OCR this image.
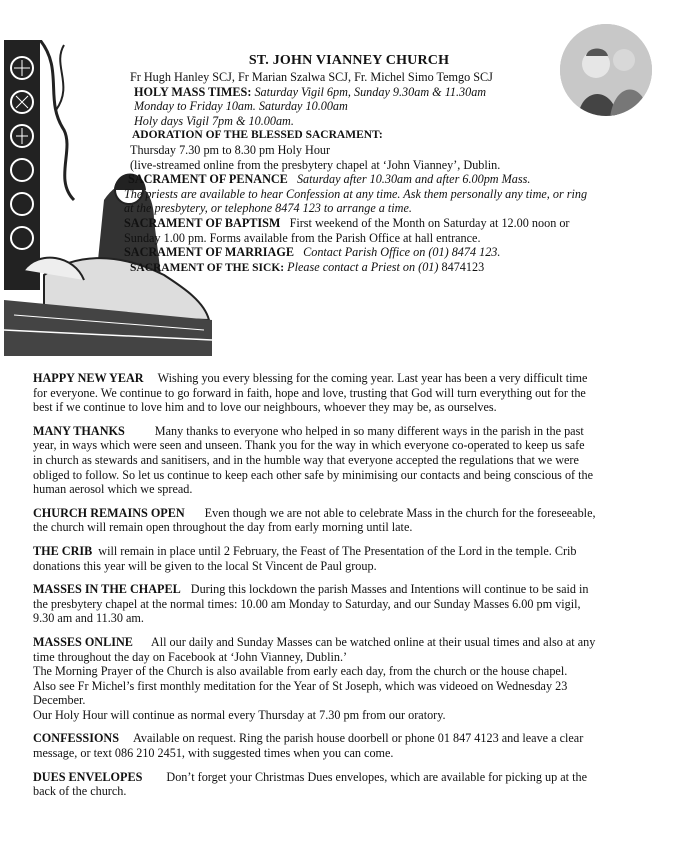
ST. JOHN VIANNEY CHURCH
Fr Hugh Hanley SCJ, Fr Marian Szalwa SCJ, Fr. Michel Simo Temgo SCJ
HOLY MASS TIMES: Saturday Vigil 6pm, Sunday 9.30am & 11.30am
Monday to Friday 10am. Saturday 10.00am
Holy days Vigil 7pm & 10.00am.
ADORATION OF THE BLESSED SACRAMENT:
Thursday 7.30 pm to 8.30 pm Holy Hour
(live-streamed online from the presbytery chapel at ‘John Vianney’, Dublin.
SACRAMENT OF PENANCE Saturday after 10.30am and after 6.00pm Mass.
The priests are available to hear Confession at any time. Ask them personally any time, or ring
at the presbytery, or telephone 8474 123 to arrange a time.
SACRAMENT OF BAPTISM First weekend of the Month on Saturday at 12.00 noon or
Sunday 1.00 pm. Forms available from the Parish Office at hall entrance.
SACRAMENT OF MARRIAGE Contact Parish Office on (01) 8474 123.
SACRAMENT OF THE SICK: Please contact a Priest on (01) 8474123
HAPPY NEW YEAR Wishing you every blessing for the coming year. Last year has been a very difficult time
for everyone. We continue to go forward in faith, hope and love, trusting that God will turn everything out for the
best if we continue to love him and to love our neighbours, whoever they may be, as ourselves.
MANY THANKS Many thanks to everyone who helped in so many different ways in the parish in the past
year, in ways which were seen and unseen. Thank you for the way in which everyone co-operated to keep us safe
in church as stewards and sanitisers, and in the humble way that everyone accepted the regulations that we were
obliged to follow. So let us continue to keep each other safe by minimising our contacts and being conscious of the
human aerosol which we spread.
CHURCH REMAINS OPEN Even though we are not able to celebrate Mass in the church for the foreseeable,
the church will remain open throughout the day from early morning until late.
THE CRIB will remain in place until 2 February, the Feast of The Presentation of the Lord in the temple. Crib
donations this year will be given to the local St Vincent de Paul group.
MASSES IN THE CHAPEL During this lockdown the parish Masses and Intentions will continue to be said in
the presbytery chapel at the normal times: 10.00 am Monday to Saturday, and our Sunday Masses 6.00 pm vigil,
9.30 am and 11.30 am.
MASSES ONLINE All our daily and Sunday Masses can be watched online at their usual times and also at any
time throughout the day on Facebook at ‘John Vianney, Dublin.’
The Morning Prayer of the Church is also available from early each day, from the church or the house chapel.
Also see Fr Michel’s first monthly meditation for the Year of St Joseph, which was videoed on Wednesday 23
December.
Our Holy Hour will continue as normal every Thursday at 7.30 pm from our oratory.
CONFESSIONS Available on request. Ring the parish house doorbell or phone 01 847 4123 and leave a clear
message, or text 086 210 2451, with suggested times when you can come.
DUES ENVELOPES Don’t forget your Christmas Dues envelopes, which are available for picking up at the
back of the church.
